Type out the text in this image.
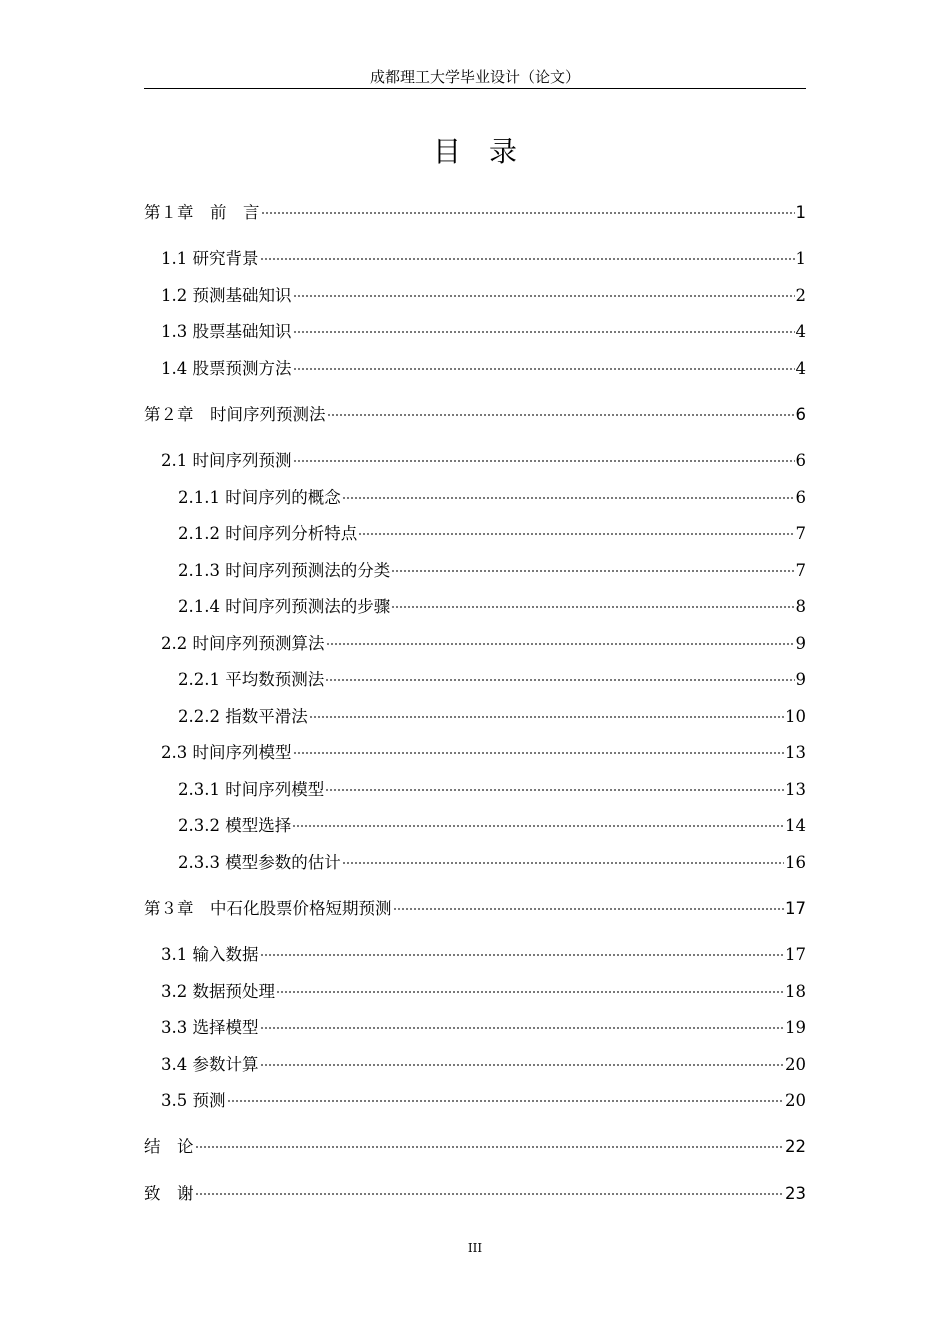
成都理工大学毕业设计（论文）
目录
第１章　前　言	1
1.1 研究背景	1
1.2 预测基础知识	2
1.3 股票基础知识	4
1.4 股票预测方法	4
第２章　时间序列预测法	6
2.1 时间序列预测	6
2.1.1 时间序列的概念	6
2.1.2 时间序列分析特点	7
2.1.3 时间序列预测法的分类	7
2.1.4 时间序列预测法的步骤	8
2.2 时间序列预测算法	9
2.2.1 平均数预测法	9
2.2.2 指数平滑法	10
2.3 时间序列模型	13
2.3.1 时间序列模型	13
2.3.2 模型选择	14
2.3.3 模型参数的估计	16
第３章　中石化股票价格短期预测	17
3.1 输入数据	17
3.2 数据预处理	18
3.3 选择模型	19
3.4 参数计算	20
3.5 预测	20
结　论	22
致　谢	23
III
